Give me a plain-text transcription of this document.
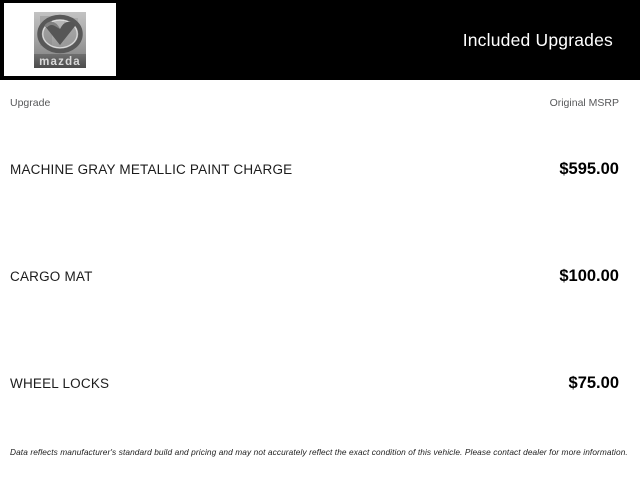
mazda
Included Upgrades
Upgrade	Original MSRP
MACHINE GRAY METALLIC PAINT CHARGE	$595.00
CARGO MAT	$100.00
WHEEL LOCKS	$75.00
Data reflects manufacturer's standard build and pricing and may not accurately reflect the exact condition of this vehicle. Please contact dealer for more information.
